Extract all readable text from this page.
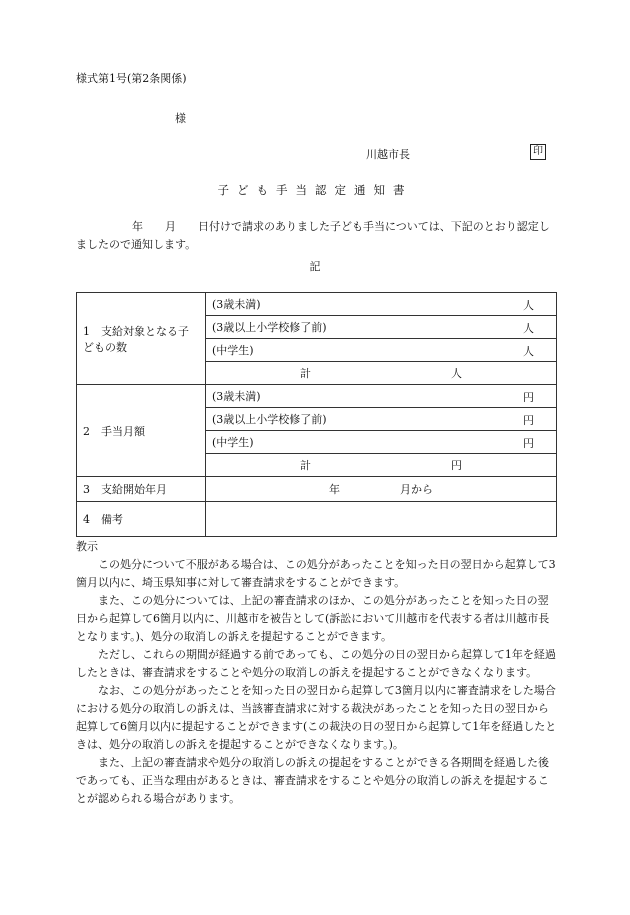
様式第1号(第2条関係)
様
川越市長	印
子ども手当認定通知書
年　　月　　日付けで請求のありました子ども手当については、下記のとおり認定しましたので通知します。
記
1　支給対象となる子どもの数	(3歳未満) 人

	(3歳以上小学校修了前) 人

	(中学生) 人

	計 人

2　手当月額	(3歳未満) 円

	(3歳以上小学校修了前) 円

	(中学生) 円

	計 円

3　支給開始年月	年 月から

4　備考	
教示

この処分について不服がある場合は、この処分があったことを知った日の翌日から起算して3箇月以内に、埼玉県知事に対して審査請求をすることができます。

また、この処分については、上記の審査請求のほか、この処分があったことを知った日の翌日から起算して6箇月以内に、川越市を被告として(訴訟において川越市を代表する者は川越市長となります。)、処分の取消しの訴えを提起することができます。

ただし、これらの期間が経過する前であっても、この処分の日の翌日から起算して1年を経過したときは、審査請求をすることや処分の取消しの訴えを提起することができなくなります。

なお、この処分があったことを知った日の翌日から起算して3箇月以内に審査請求をした場合における処分の取消しの訴えは、当該審査請求に対する裁決があったことを知った日の翌日から起算して6箇月以内に提起することができます(この裁決の日の翌日から起算して1年を経過したときは、処分の取消しの訴えを提起することができなくなります。)。

また、上記の審査請求や処分の取消しの訴えの提起をすることができる各期間を経過した後であっても、正当な理由があるときは、審査請求をすることや処分の取消しの訴えを提起することが認められる場合があります。
